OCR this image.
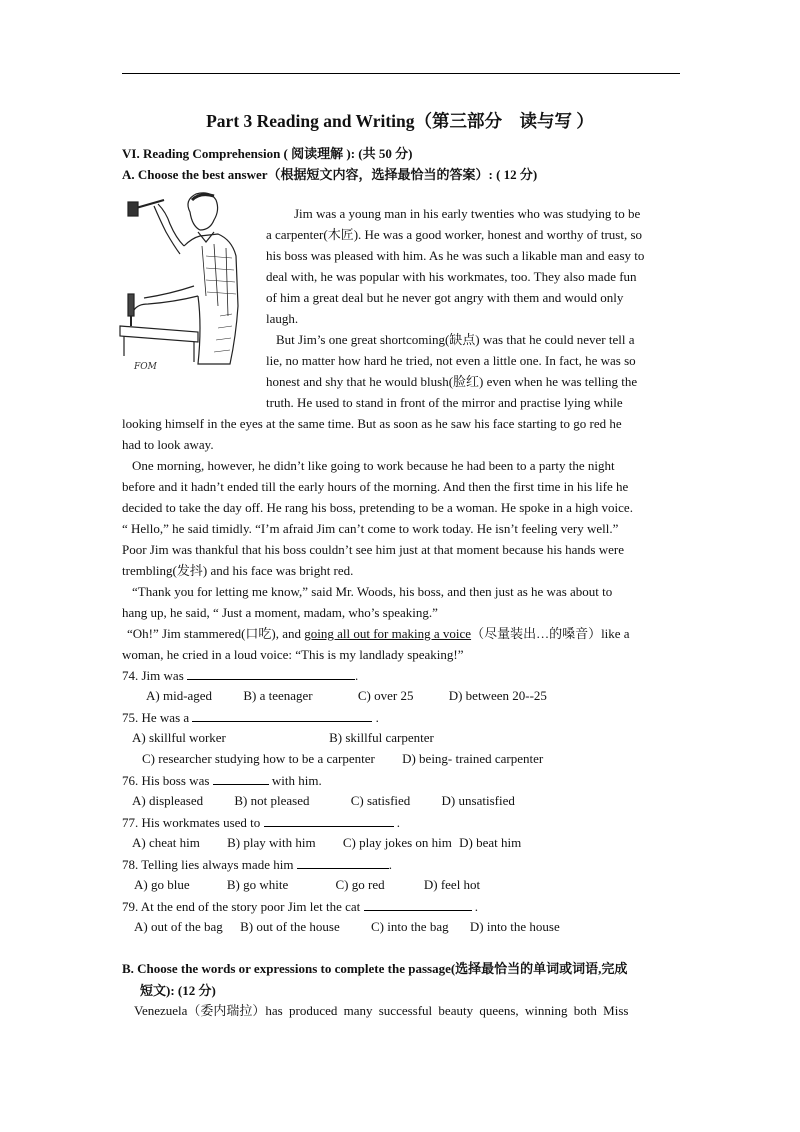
Part 3 Reading and Writing（第三部分　读与写 ）
VI. Reading Comprehension ( 阅读理解 ): (共 50 分)
A. Choose the best answer（根据短文内容，选择最恰当的答案）: ( 12 分)
FOM
Jim was a young man in his early twenties who was studying to be
a carpenter(木匠). He was a good worker, honest and worthy of trust, so
his boss was pleased with him. As he was such a likable man and easy to
deal with, he was popular with his workmates, too. They also made fun
of him a great deal but he never got angry with them and would only
laugh.
But Jim’s one great shortcoming(缺点) was that he could never tell a
lie, no matter how hard he tried, not even a little one. In fact, he was so
honest and shy that he would blush(脸红) even when he was telling the
truth. He used to stand in front of the mirror and practise lying while
looking himself in the eyes at the same time. But as soon as he saw his face starting to go red he
had to look away.
One morning, however, he didn’t like going to work because he had been to a party the night
before and it hadn’t ended till the early hours of the morning. And then the first time in his life he
decided to take the day off. He rang his boss, pretending to be a woman. He spoke in a high voice.
“ Hello,” he said timidly. “I’m afraid Jim can’t come to work today. He isn’t feeling very well.”
Poor Jim was thankful that his boss couldn’t see him just at that moment because his hands were
trembling(发抖) and his face was bright red.
“Thank you for letting me know,” said Mr. Woods, his boss, and then just as he was about to
hang up, he said, “ Just a moment, madam, who’s speaking.”
“Oh!” Jim stammered(口吃), and going all out for making a voice（尽量装出…的嗓音）like a
woman, he cried in a loud voice: “This is my landlady speaking!”
74. Jim was	.
A) mid-aged B) a teenager	C) over 25	D) between 20--25
75. He was a	.
A) skillful worker	B) skillful carpenter
C) researcher studying how to be a carpenter D) being- trained carpenter
76. His boss was	with him.
A) displeased B) not pleased	C) satisfied D) unsatisfied
77. His workmates used to	.
A) cheat him B) play with him C) play jokes on him D) beat him
78. Telling lies always made him	.
A) go blue	B) go white	C) go red	D) feel hot
79. At the end of the story poor Jim let the cat	.
A) out of the bag B) out of the house C) into the bag D) into the house
B. Choose the words or expressions to complete the passage(选择最恰当的单词或词语,完成
短文): (12 分)
Venezuela（委内瑞拉）has produced many successful beauty queens, winning both Miss
